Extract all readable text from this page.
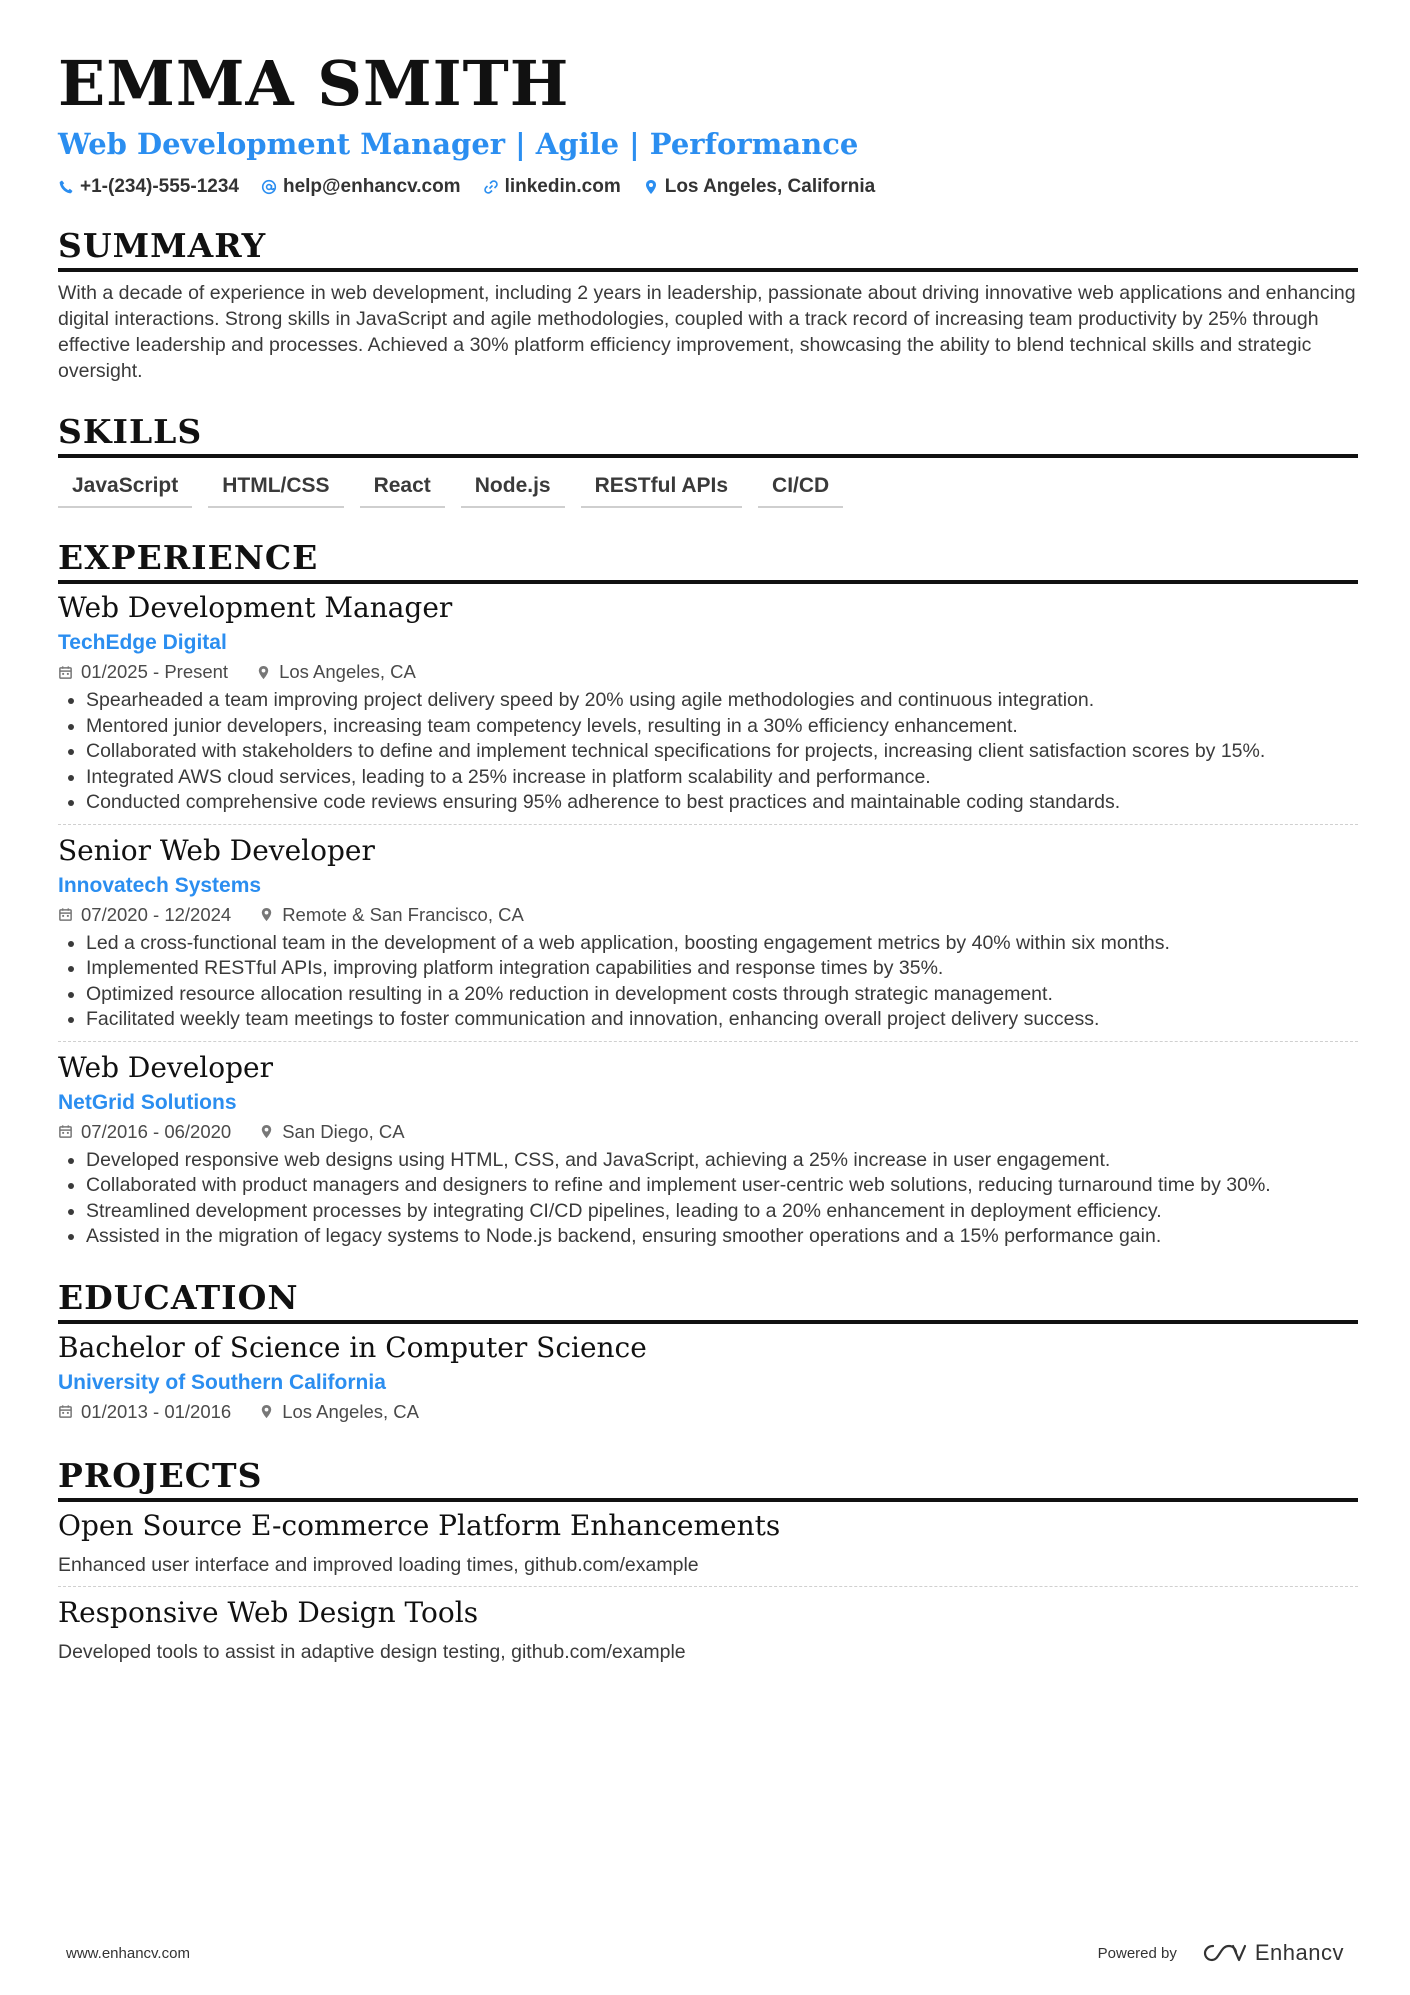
EMMA SMITH
Web Development Manager | Agile | Performance
+1-(234)-555-1234 help@enhancv.com linkedin.com Los Angeles, California
SUMMARY
With a decade of experience in web development, including 2 years in leadership, passionate about driving innovative web applications and enhancing digital interactions. Strong skills in JavaScript and agile methodologies, coupled with a track record of increasing team productivity by 25% through effective leadership and processes. Achieved a 30% platform efficiency improvement, showcasing the ability to blend technical skills and strategic oversight.
SKILLS
JavaScript	HTML/CSS	React	Node.js	RESTful APIs	CI/CD
EXPERIENCE
Web Development Manager
TechEdge Digital
01/2025 - Present	Los Angeles, CA
• Spearheaded a team improving project delivery speed by 20% using agile methodologies and continuous integration.
• Mentored junior developers, increasing team competency levels, resulting in a 30% efficiency enhancement.
• Collaborated with stakeholders to define and implement technical specifications for projects, increasing client satisfaction scores by 15%.
• Integrated AWS cloud services, leading to a 25% increase in platform scalability and performance.
• Conducted comprehensive code reviews ensuring 95% adherence to best practices and maintainable coding standards.
Senior Web Developer
Innovatech Systems
07/2020 - 12/2024	Remote & San Francisco, CA
• Led a cross-functional team in the development of a web application, boosting engagement metrics by 40% within six months.
• Implemented RESTful APIs, improving platform integration capabilities and response times by 35%.
• Optimized resource allocation resulting in a 20% reduction in development costs through strategic management.
• Facilitated weekly team meetings to foster communication and innovation, enhancing overall project delivery success.
Web Developer
NetGrid Solutions
07/2016 - 06/2020	San Diego, CA
• Developed responsive web designs using HTML, CSS, and JavaScript, achieving a 25% increase in user engagement.
• Collaborated with product managers and designers to refine and implement user-centric web solutions, reducing turnaround time by 30%.
• Streamlined development processes by integrating CI/CD pipelines, leading to a 20% enhancement in deployment efficiency.
• Assisted in the migration of legacy systems to Node.js backend, ensuring smoother operations and a 15% performance gain.
EDUCATION
Bachelor of Science in Computer Science
University of Southern California
01/2013 - 01/2016	Los Angeles, CA
PROJECTS
Open Source E-commerce Platform Enhancements
Enhanced user interface and improved loading times, github.com/example
Responsive Web Design Tools
Developed tools to assist in adaptive design testing, github.com/example
www.enhancv.com	Powered by	Enhancv
